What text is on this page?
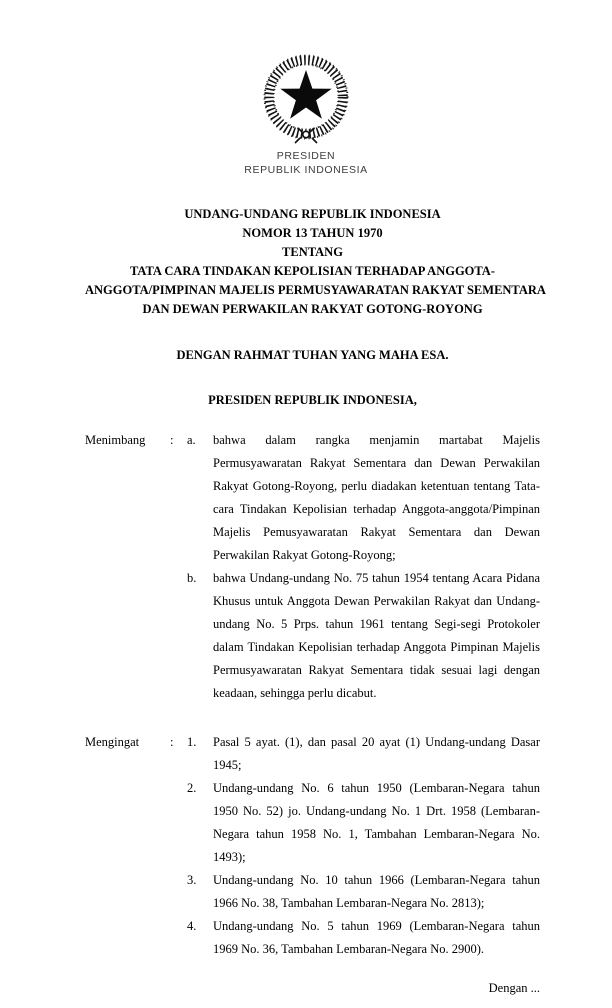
PRESIDEN
REPUBLIK INDONESIA
UNDANG-UNDANG REPUBLIK INDONESIA
NOMOR 13 TAHUN 1970
TENTANG
TATA CARA TINDAKAN KEPOLISIAN TERHADAP ANGGOTA-
ANGGOTA/PIMPINAN MAJELIS PERMUSYAWARATAN RAKYAT SEMENTARA
DAN DEWAN PERWAKILAN RAKYAT GOTONG-ROYONG
DENGAN RAHMAT TUHAN YANG MAHA ESA.
PRESIDEN REPUBLIK INDONESIA,
Menimbang	:	a.	bahwa dalam rangka menjamin martabat Majelis Permusyawaratan Rakyat Sementara dan Dewan Perwakilan Rakyat Gotong-Royong, perlu diadakan ketentuan tentang Tata-cara Tindakan Kepolisian terhadap Anggota-anggota/Pimpinan Majelis Pemusyawaratan Rakyat Sementara dan Dewan Perwakilan Rakyat Gotong-Royong;
b.	bahwa Undang-undang No. 75 tahun 1954 tentang Acara Pidana Khusus untuk Anggota Dewan Perwakilan Rakyat dan Undang-undang No. 5 Prps. tahun 1961 tentang Segi-segi Protokoler dalam Tindakan Kepolisian terhadap Anggota Pimpinan Majelis Permusyawaratan Rakyat Sementara tidak sesuai lagi dengan keadaan, sehingga perlu dicabut.
Mengingat	:	1.	Pasal 5 ayat. (1), dan pasal 20 ayat (1) Undang-undang Dasar 1945;
2.	Undang-undang No. 6 tahun 1950 (Lembaran-Negara tahun 1950 No. 52) jo. Undang-undang No. 1 Drt. 1958 (Lembaran-Negara tahun 1958 No. 1, Tambahan Lembaran-Negara No. 1493);
3.	Undang-undang No. 10 tahun 1966 (Lembaran-Negara tahun 1966 No. 38, Tambahan Lembaran-Negara No. 2813);
4.	Undang-undang No. 5 tahun 1969 (Lembaran-Negara tahun 1969 No. 36, Tambahan Lembaran-Negara No. 2900).
Dengan ...
